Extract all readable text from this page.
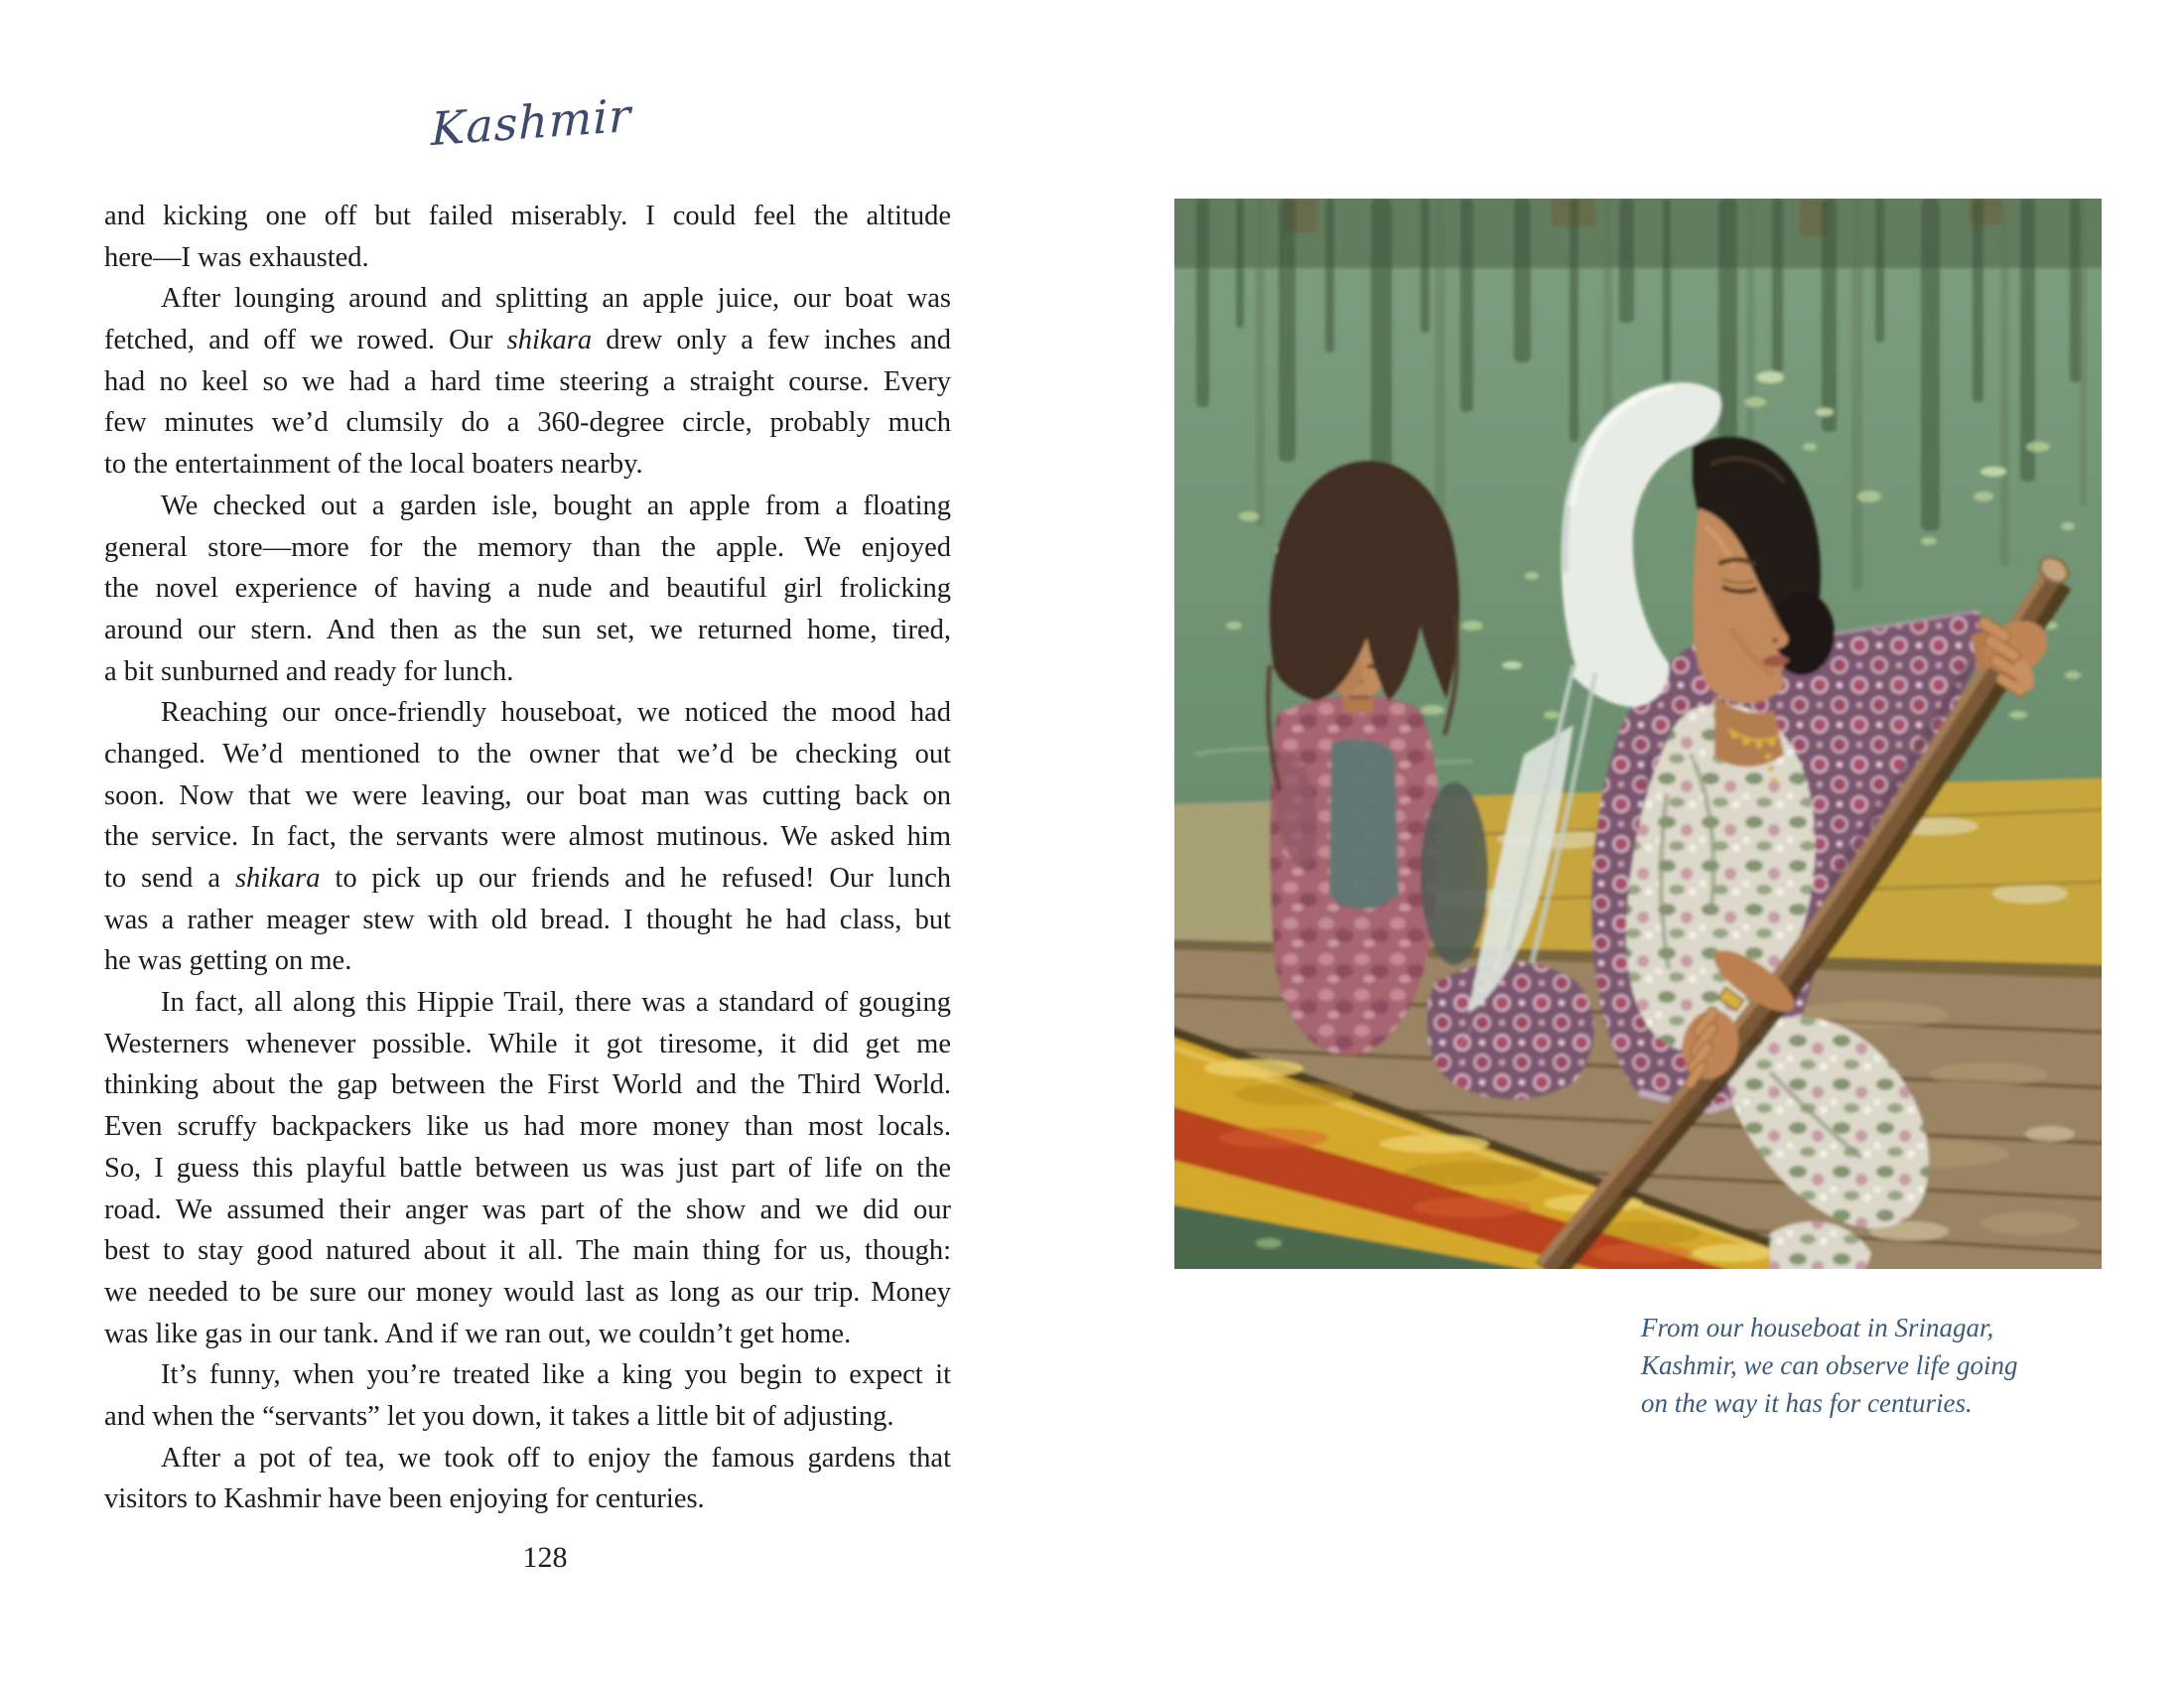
Kashmir
and kicking one off but failed miserably. I could feel the altitude
here—I was exhausted.
After lounging around and splitting an apple juice, our boat was
fetched, and off we rowed. Our shikara drew only a few inches and
had no keel so we had a hard time steering a straight course. Every
few minutes we’d clumsily do a 360-degree circle, probably much
to the entertainment of the local boaters nearby.
We checked out a garden isle, bought an apple from a floating
general store—more for the memory than the apple. We enjoyed
the novel experience of having a nude and beautiful girl frolicking
around our stern. And then as the sun set, we returned home, tired,
a bit sunburned and ready for lunch.
Reaching our once-friendly houseboat, we noticed the mood had
changed. We’d mentioned to the owner that we’d be checking out
soon. Now that we were leaving, our boat man was cutting back on
the service. In fact, the servants were almost mutinous. We asked him
to send a shikara to pick up our friends and he refused! Our lunch
was a rather meager stew with old bread. I thought he had class, but
he was getting on me.
In fact, all along this Hippie Trail, there was a standard of gouging
Westerners whenever possible. While it got tiresome, it did get me
thinking about the gap between the First World and the Third World.
Even scruffy backpackers like us had more money than most locals.
So, I guess this playful battle between us was just part of life on the
road. We assumed their anger was part of the show and we did our
best to stay good natured about it all. The main thing for us, though:
we needed to be sure our money would last as long as our trip. Money
was like gas in our tank. And if we ran out, we couldn’t get home.
It’s funny, when you’re treated like a king you begin to expect it
and when the “servants” let you down, it takes a little bit of adjusting.
After a pot of tea, we took off to enjoy the famous gardens that
visitors to Kashmir have been enjoying for centuries.
128
From our houseboat in Srinagar,
Kashmir, we can observe life going
on the way it has for centuries.
